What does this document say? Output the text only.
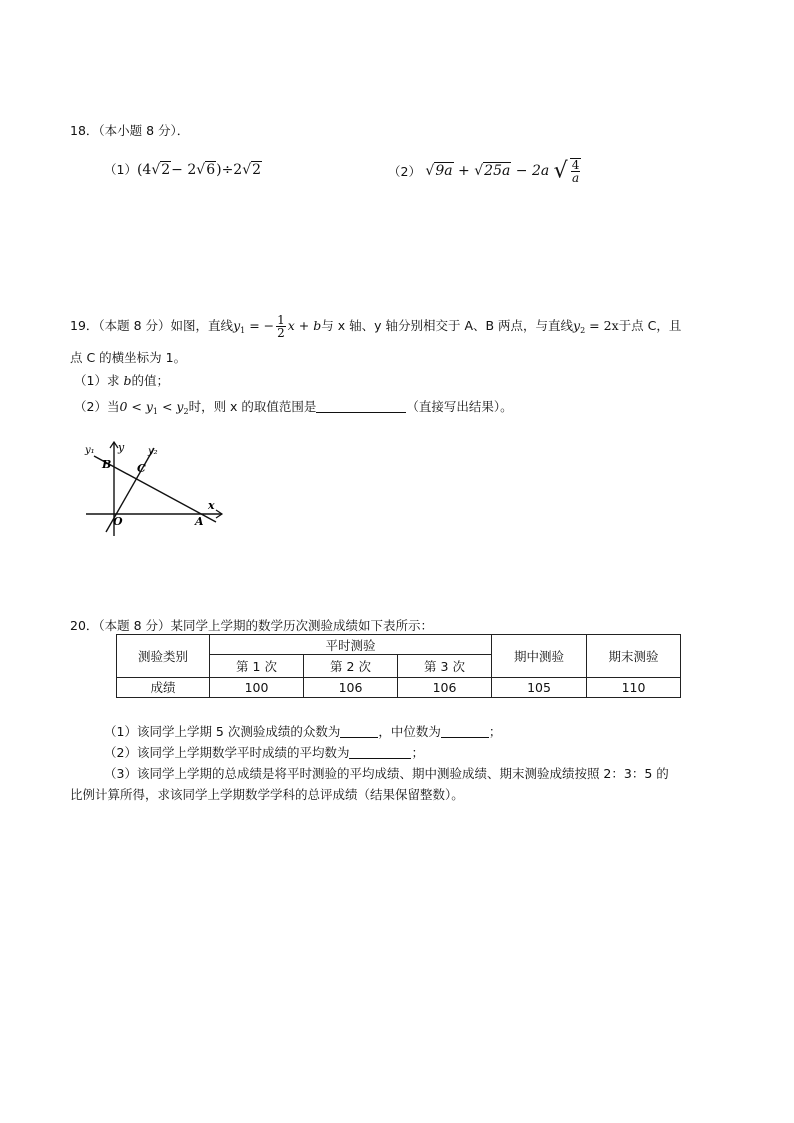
18．（本小题 8 分）．
（1）(4√2− 2√6)÷2√2	（2） √9a + √25a − 2a √ $\frac{4}{a}$
19．（本题 8 分）如图，直线$y_1$ = − $\frac{1}{2}$ x + b与 x 轴、y 轴分别相交于 A、B 两点，与直线$y_2 = 2x$于点 C，且
点 C 的横坐标为 1。
（1）求 b的值；
（2）当$0 < y_1 < y_2$时，则 x 的取值范围是	（直接写出结果）。
y₁ y y₂
B C
x
O	A
20．（本题 8 分）某同学上学期的数学历次测验成绩如下表所示：
测验类别	平时测验			期中测验	期末测验
	第 1 次	第 2 次	第 3 次		
成绩	100	106	106	105	110
（1）该同学上学期 5 次测验成绩的众数为	，中位数为	；
（2）该同学上学期数学平时成绩的平均数为	；
（3）该同学上学期的总成绩是将平时测验的平均成绩、期中测验成绩、期末测验成绩按照 2：3：5 的
比例计算所得，求该同学上学期数学学科的总评成绩（结果保留整数）。
